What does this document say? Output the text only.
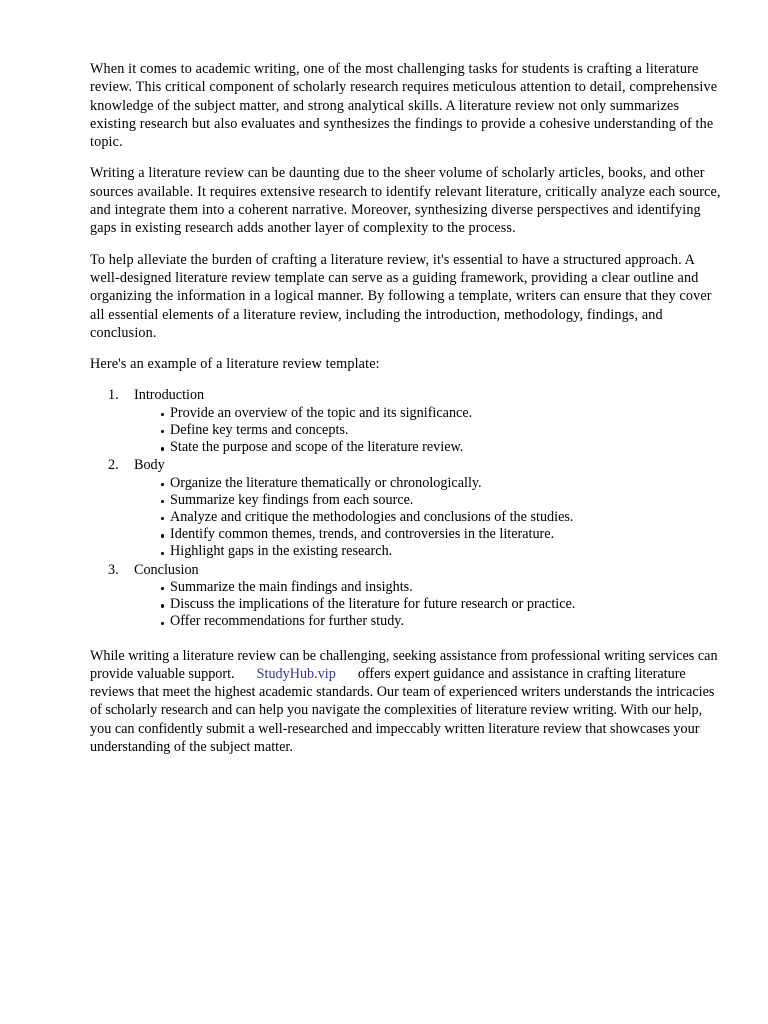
When it comes to academic writing, one of the most challenging tasks for students is crafting a literature review. This critical component of scholarly research requires meticulous attention to detail, comprehensive knowledge of the subject matter, and strong analytical skills. A literature review not only summarizes existing research but also evaluates and synthesizes the findings to provide a cohesive understanding of the topic.

Writing a literature review can be daunting due to the sheer volume of scholarly articles, books, and other sources available. It requires extensive research to identify relevant literature, critically analyze each source, and integrate them into a coherent narrative. Moreover, synthesizing diverse perspectives and identifying gaps in existing research adds another layer of complexity to the process.

To help alleviate the burden of crafting a literature review, it's essential to have a structured approach. A well-designed literature review template can serve as a guiding framework, providing a clear outline and organizing the information in a logical manner. By following a template, writers can ensure that they cover all essential elements of a literature review, including the introduction, methodology, findings, and conclusion.

Here's an example of a literature review template:

1. Introduction
Provide an overview of the topic and its significance.
Define key terms and concepts.
State the purpose and scope of the literature review.
2. Body
Organize the literature thematically or chronologically.
Summarize key findings from each source.
Analyze and critique the methodologies and conclusions of the studies.
Identify common themes, trends, and controversies in the literature.
Highlight gaps in the existing research.
3. Conclusion
Summarize the main findings and insights.
Discuss the implications of the literature for future research or practice.
Offer recommendations for further study.

While writing a literature review can be challenging, seeking assistance from professional writing services can provide valuable support. StudyHub.vip offers expert guidance and assistance in crafting literature reviews that meet the highest academic standards. Our team of experienced writers understands the intricacies of scholarly research and can help you navigate the complexities of literature review writing. With our help, you can confidently submit a well-researched and impeccably written literature review that showcases your understanding of the subject matter.
